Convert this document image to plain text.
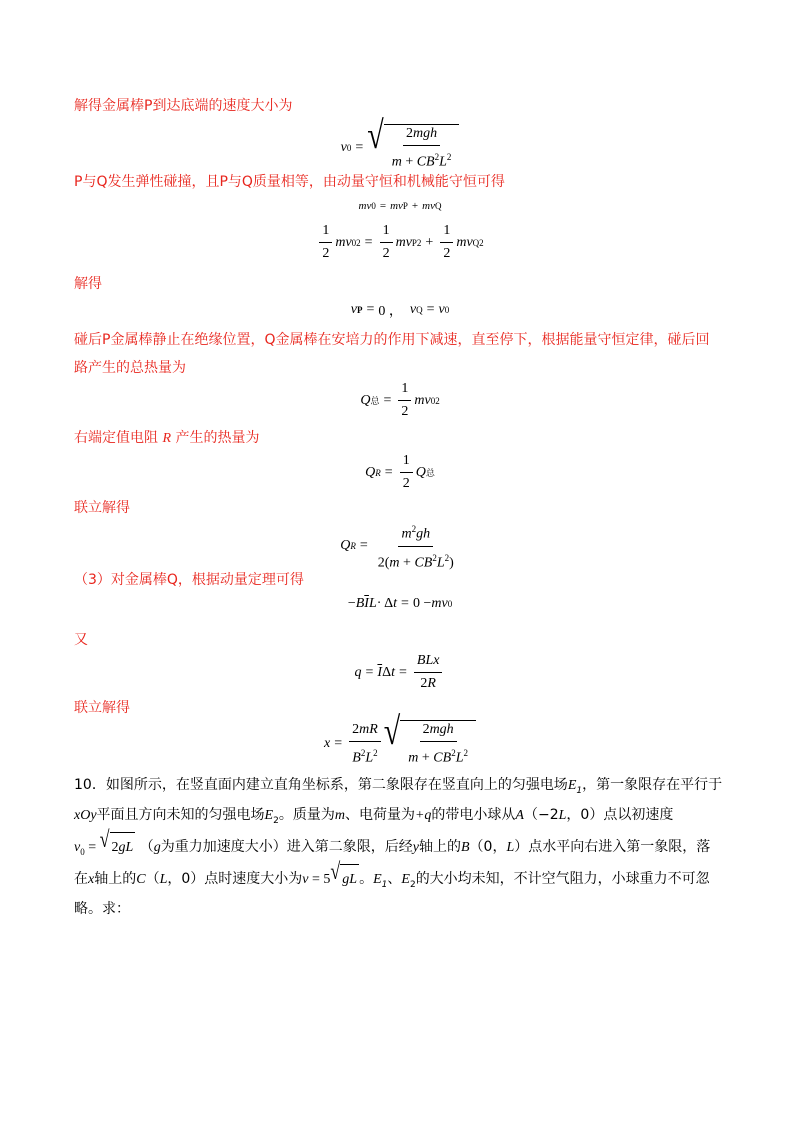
解得金属棒P到达底端的速度大小为
v 0 = √ $\frac{\text{2mgh}}{m + CB^2L^2}$
P与Q发生弹性碰撞，且P与Q质量相等，由动量守恒和机械能守恒可得
mv 0 = mv P + mv Q
$\frac{1}{2}$ mv 0 $2 = \frac{1}{2}$ mv P $2 + \frac{1}{2}$ mv Q 2
解得
v P = 0 ， v Q = v 0
碰后P金属棒静止在绝缘位置，Q金属棒在安培力的作用下减速，直至停下，根据能量守恒定律，碰后回
路产生的总热量为
Q 总 = $\frac{1}{2}$ mv 0 2
右端定值电阻 R 产生的热量为
Q $R = \frac{1}{2}$ Q 总
联立解得
Q $R = \frac{m^2gh}{2(m + CB^2L^2)}$
（3）对金属棒Q，根据动量定理可得
− B $\overline{I}$ L · Δ t = 0 − mv 0
又
$q = \overline{I}$ Δ $t = \frac{\text{BLx}}{2R}$
联立解得
$x = \frac{2mR}{B^2L^2}$ √ $\frac{\text{2mgh}}{m + CB^2L^2}$
10．如图所示，在竖直面内建立直角坐标系，第二象限存在竖直向上的匀强电场$E_1$，第一象限存在平行于
xOy平面且方向未知的匀强电场$E_2$。质量为m、电荷量为+q的带电小球从A（−2L，0）点以初速度
$v_0$ = √ 2 gL （g为重力加速度大小）进入第二象限，后经y轴上的B（0，L）点水平向右进入第一象限，落
在x轴上的C（L，0）点时速度大小为v = 5 √ gL 。$E_1$、$E_2$的大小均未知，不计空气阻力，小球重力不可忽
略。求：
